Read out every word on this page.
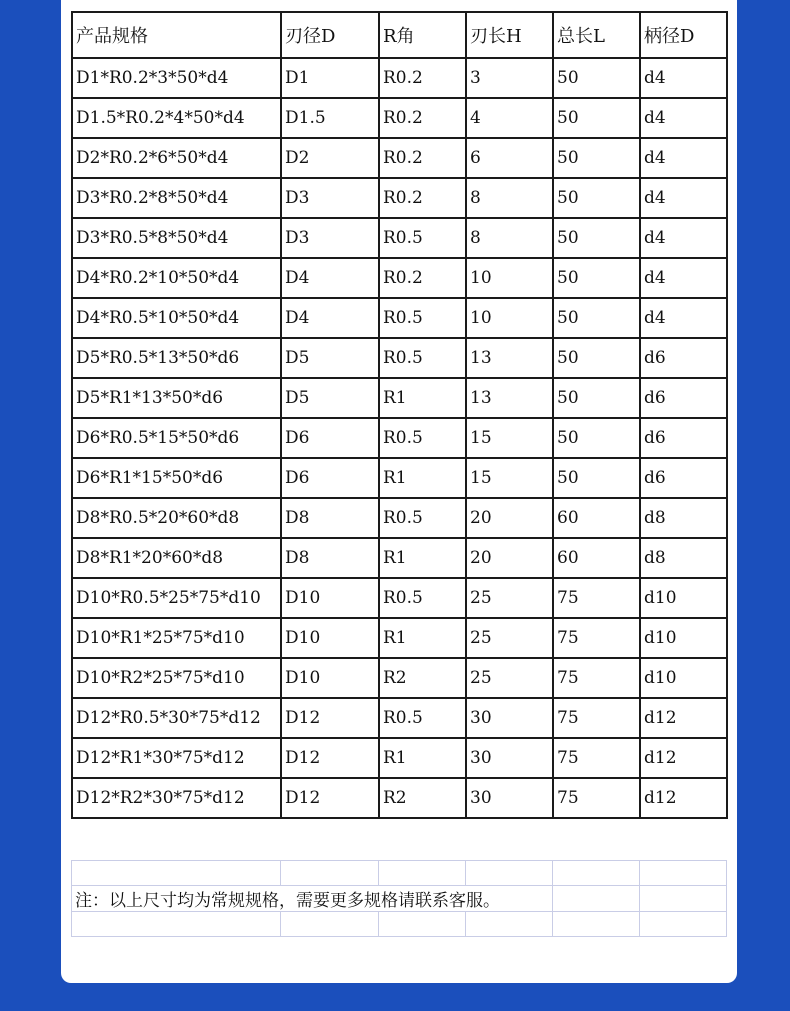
产品规格	刃径D	R角	刃长H	总长L	柄径D
D1*R0.2*3*50*d4	D1	R0.2	3	50	d4
D1.5*R0.2*4*50*d4	D1.5	R0.2	4	50	d4
D2*R0.2*6*50*d4	D2	R0.2	6	50	d4
D3*R0.2*8*50*d4	D3	R0.2	8	50	d4
D3*R0.5*8*50*d4	D3	R0.5	8	50	d4
D4*R0.2*10*50*d4	D4	R0.2	10	50	d4
D4*R0.5*10*50*d4	D4	R0.5	10	50	d4
D5*R0.5*13*50*d6	D5	R0.5	13	50	d6
D5*R1*13*50*d6	D5	R1	13	50	d6
D6*R0.5*15*50*d6	D6	R0.5	15	50	d6
D6*R1*15*50*d6	D6	R1	15	50	d6
D8*R0.5*20*60*d8	D8	R0.5	20	60	d8
D8*R1*20*60*d8	D8	R1	20	60	d8
D10*R0.5*25*75*d10	D10	R0.5	25	75	d10
D10*R1*25*75*d10	D10	R1	25	75	d10
D10*R2*25*75*d10	D10	R2	25	75	d10
D12*R0.5*30*75*d12	D12	R0.5	30	75	d12
D12*R1*30*75*d12	D12	R1	30	75	d12
D12*R2*30*75*d12	D12	R2	30	75	d12

注：以上尺寸均为常规规格，需要更多规格请联系客服。					
